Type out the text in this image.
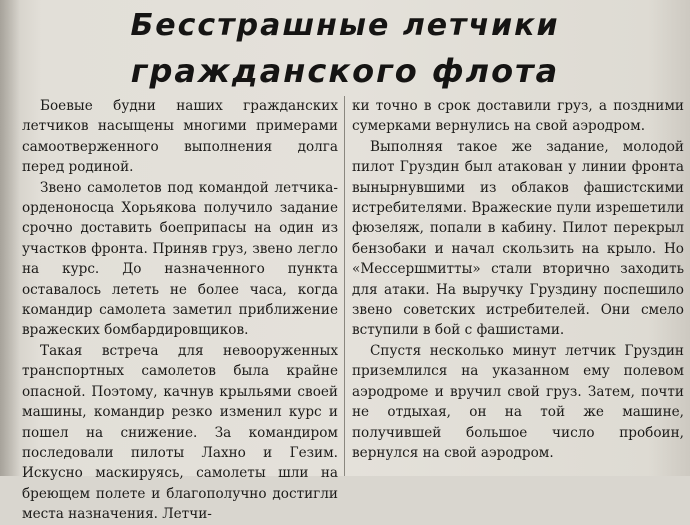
Бесстрашные летчики
гражданского флота

Боевые будни наших гражданских летчиков насыщены многими примерами самоотверженного выполнения долга перед родиной.

Звено самолетов под командой летчика-орденоносца Хорьякова получило задание срочно доставить боеприпасы на один из участков фронта. Приняв груз, звено легло на курс. До назначенного пункта оставалось лететь не более часа, когда командир самолета заметил приближение вражеских бомбардировщиков.

Такая встреча для невооруженных транспортных самолетов была крайне опасной. Поэтому, качнув крыльями своей машины, командир резко изменил курс и пошел на снижение. За командиром последовали пилоты Лахно и Гезим. Искусно маскируясь, самолеты шли на бреющем полете и благополучно достигли места назначения. Летчи-

ки точно в срок доставили груз, а поздними сумерками вернулись на свой аэродром.

Выполняя такое же задание, молодой пилот Груздин был атакован у линии фронта вынырнувшими из облаков фашистскими истребителями. Вражеские пули изрешетили фюзеляж, попали в кабину. Пилот перекрыл бензобаки и начал скользить на крыло. Но «Мессершмитты» стали вторично заходить для атаки. На выручку Груздину поспешило звено советских истребителей. Они смело вступили в бой с фашистами.

Спустя несколько минут летчик Груздин приземлился на указанном ему полевом аэродроме и вручил свой груз. Затем, почти не отдыхая, он на той же машине, получившей большое число пробоин, вернулся на свой аэродром.
